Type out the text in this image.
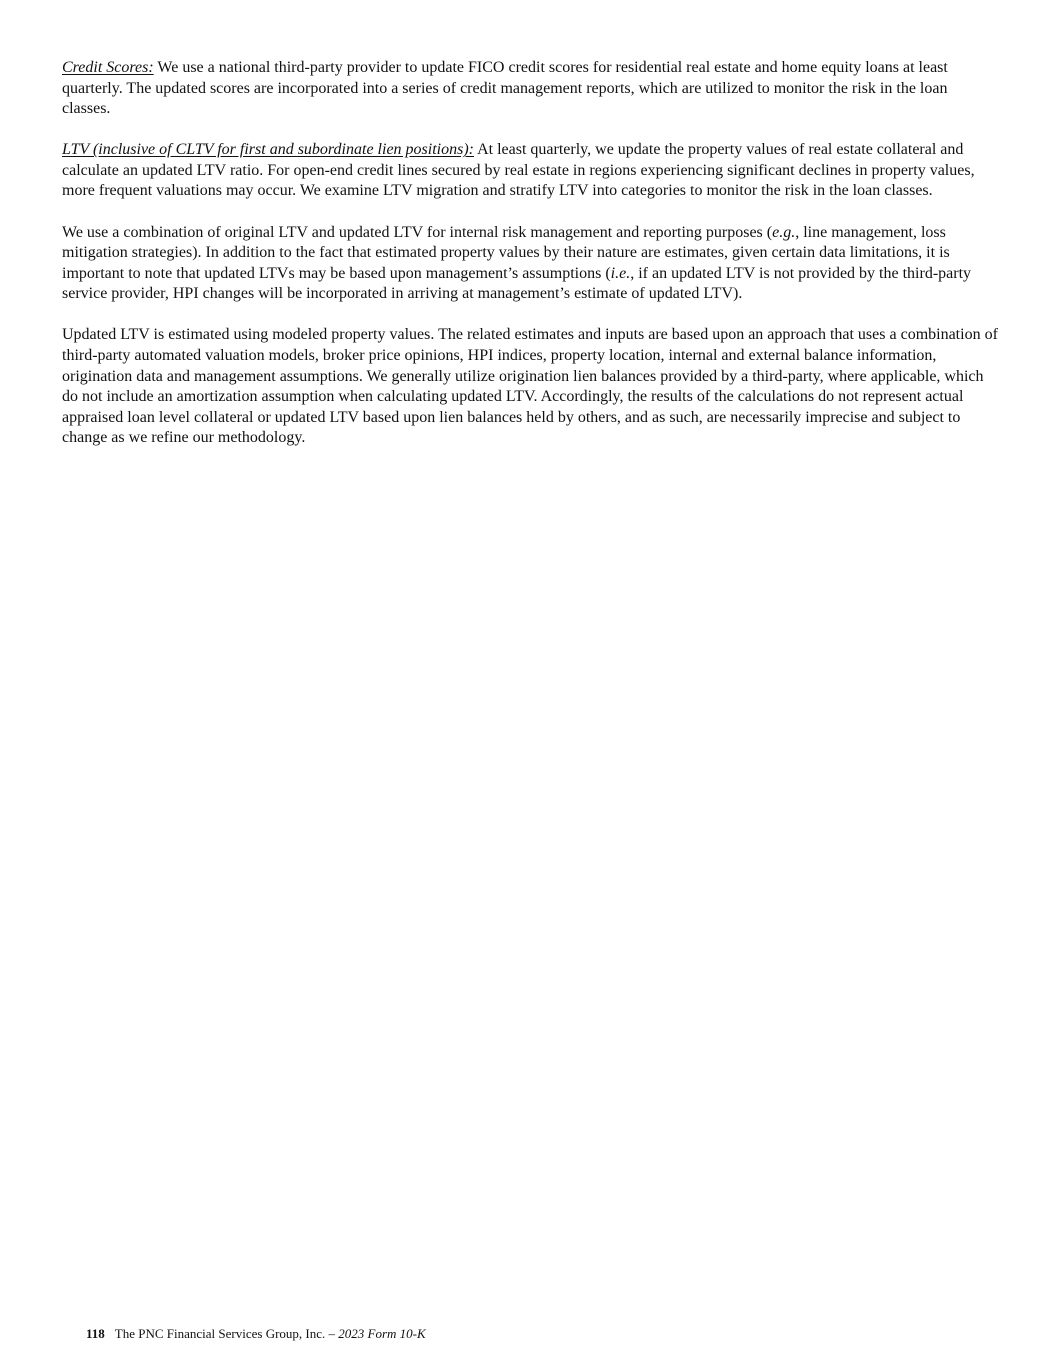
Credit Scores: We use a national third-party provider to update FICO credit scores for residential real estate and home equity loans at least quarterly. The updated scores are incorporated into a series of credit management reports, which are utilized to monitor the risk in the loan classes.

LTV (inclusive of CLTV for first and subordinate lien positions): At least quarterly, we update the property values of real estate collateral and calculate an updated LTV ratio. For open-end credit lines secured by real estate in regions experiencing significant declines in property values, more frequent valuations may occur. We examine LTV migration and stratify LTV into categories to monitor the risk in the loan classes.

We use a combination of original LTV and updated LTV for internal risk management and reporting purposes (e.g., line management, loss mitigation strategies). In addition to the fact that estimated property values by their nature are estimates, given certain data limitations, it is important to note that updated LTVs may be based upon management’s assumptions (i.e., if an updated LTV is not provided by the third-party service provider, HPI changes will be incorporated in arriving at management’s estimate of updated LTV).

Updated LTV is estimated using modeled property values. The related estimates and inputs are based upon an approach that uses a combination of third-party automated valuation models, broker price opinions, HPI indices, property location, internal and external balance information, origination data and management assumptions. We generally utilize origination lien balances provided by a third-party, where applicable, which do not include an amortization assumption when calculating updated LTV. Accordingly, the results of the calculations do not represent actual appraised loan level collateral or updated LTV based upon lien balances held by others, and as such, are necessarily imprecise and subject to change as we refine our methodology.

118 The PNC Financial Services Group, Inc. – 2023 Form 10-K
